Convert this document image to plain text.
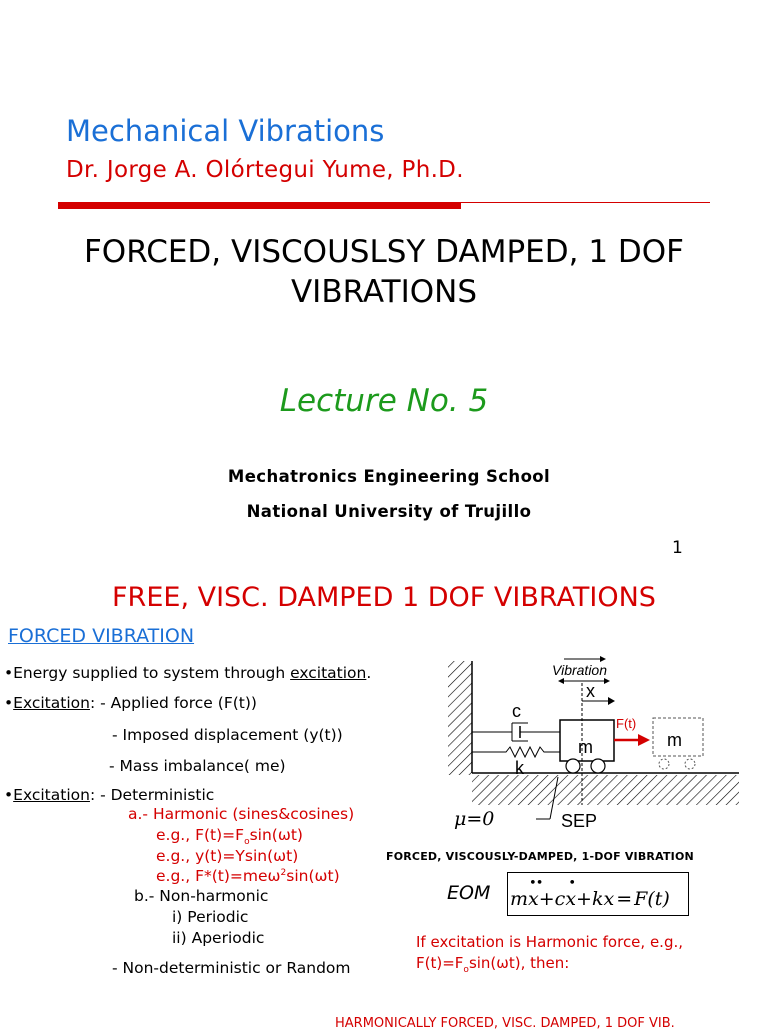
Mechanical Vibrations
Dr. Jorge A. Olórtegui Yume, Ph.D.
FORCED, VISCOUSLSY DAMPED, 1 DOF
VIBRATIONS
Lecture No. 5
Mechatronics Engineering School
National University of Trujillo
1
FREE, VISC. DAMPED 1 DOF VIBRATIONS
FORCED VIBRATION
•Energy supplied to system through excitation.
•Excitation: - Applied force (F(t))
- Imposed displacement (y(t))
- Mass imbalance( me)
•Excitation: - Deterministic
a.- Harmonic (sines&cosines)
e.g., $F(t)=F_o\sin(\omega t)$
e.g., y(t)=Ysin(ωt)
e.g., F*(t)=meω$^2$sin(ωt)
b.- Non-harmonic
i) Periodic
ii) Aperiodic
- Non-deterministic or Random
Vibration
x
c
k
m	m
F(t)
μ=0	SEP
FORCED, VISCOUSLY-DAMPED, 1-DOF VIBRATION
EOM m
••
x+c
•
x+kx = F(t)
If excitation is Harmonic force, e.g.,
$F(t)=F_o\sin(\omega t)$, then:
HARMONICALLY FORCED, VISC. DAMPED, 1 DOF VIB.
